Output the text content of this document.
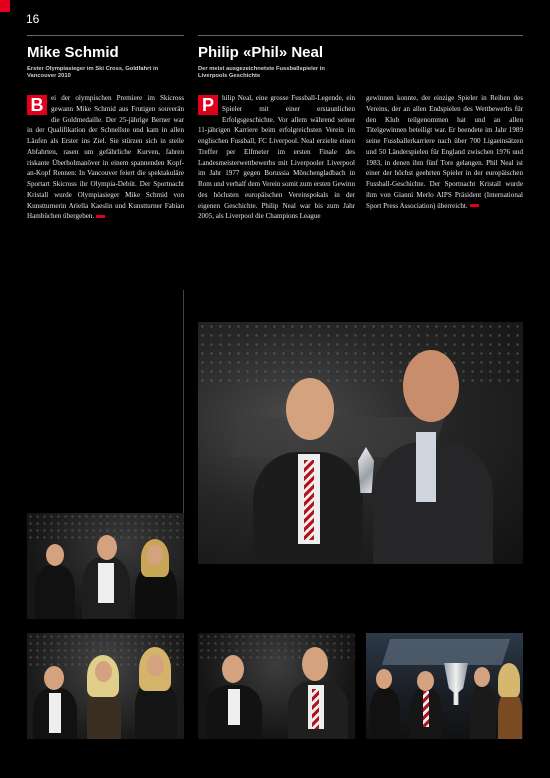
16
Mike Schmid
Erster Olympiasieger im Ski Cross, Goldfahrt in Vancouver 2010
Philip «Phil» Neal
Der meist ausgezeichnetste Fussballspieler in Liverpools Geschichte

B	ei der olympischen Premiere im Skicross gewann Mike Schmid aus Frutigen souverän die Goldmedaille. Der 25-jährige Berner war in der Qualifikation der Schnellste und kam in allen Läufen als Erster ins Ziel. Sie stürzen sich in steile Abfahrten, rasen um gefährliche Kurven, fahren riskante Überholmanöver in einem spannenden Kopf-an-Kopf Rennen: In Vancouver feiert die spektakuläre Sportart Skicross ihr Olympia-Debüt. Der Sportnacht Kristall wurde Olympiasieger Mike Schmid von Kunstturnerin Ariella Kaeslin und Kunstturner Fabian Hambüchen übergeben.

P	hilip Neal, eine grosse Fussball-Legende, ein Spieler mit einer erstaunlichen Erfolgsgeschichte. Vor allem während seiner 11-jährigen Karriere beim erfolgreichsten Verein im englischen Fussball, FC Liverpool. Neal erzielte einen Treffer per Elfmeter im ersten Finale des Landesmeisterwettbewerbs mit Liverpooler Liverpool im Jahr 1977 gegen Borussia Mönchengladbach in Rom und verhalf dem Verein somit zum ersten Gewinn des höchsten europäischen Vereinspokals in der eigenen Geschichte. Philip Neal war bis zum Jahr 2005, als Liverpool die Champions League

gewinnen konnte, der einzige Spieler in Reihen des Vereins, der an allen Endspielen des Wettbewerbs für den Klub teilgenommen hat und an allen Titelgewinnen beteiligt war. Er beendete im Jahr 1989 seine Fussballerkarriere nach über 700 Ligaeinsätzen und 50 Länderspielen für England zwischen 1976 und 1983, in denen ihm fünf Tore gelangen. Phil Neal ist einer der höchst geehrten Spieler in der europäischen Fussball-Geschichte. Der Sportnacht Kristall wurde ihm von Gianni Merlo AIPS Präsident (International Sport Press Association) überreicht.
